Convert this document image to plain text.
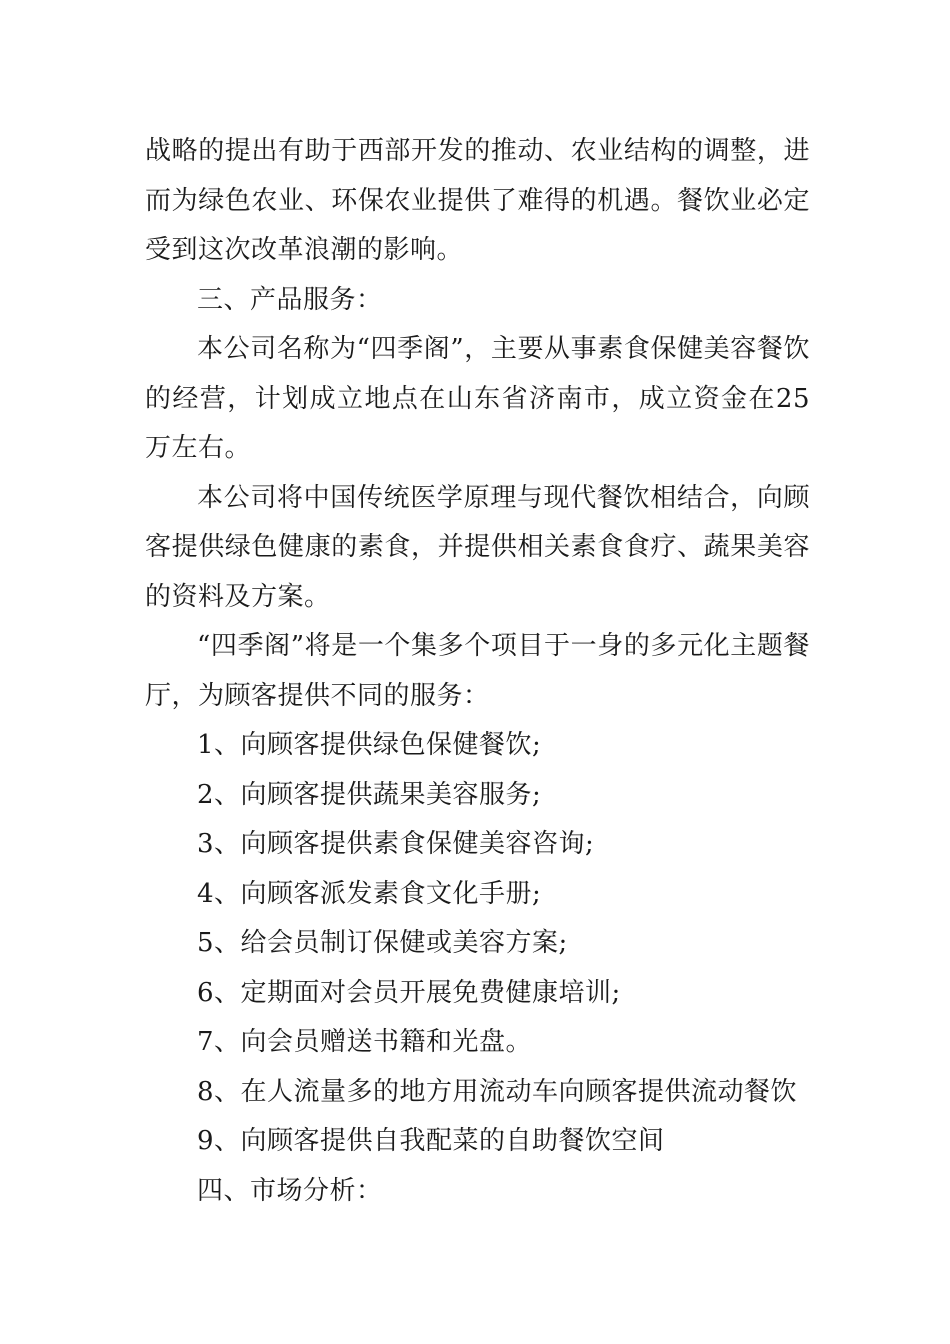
战略的提出有助于西部开发的推动、农业结构的调整，进而为绿色农业、环保农业提供了难得的机遇。餐饮业必定受到这次改革浪潮的影响。

三、产品服务：

本公司名称为“四季阁”，主要从事素食保健美容餐饮的经营，计划成立地点在山东省济南市，成立资金在25万左右。

本公司将中国传统医学原理与现代餐饮相结合，向顾客提供绿色健康的素食，并提供相关素食食疗、蔬果美容的资料及方案。

“四季阁”将是一个集多个项目于一身的多元化主题餐厅，为顾客提供不同的服务：

1、向顾客提供绿色保健餐饮;

2、向顾客提供蔬果美容服务;

3、向顾客提供素食保健美容咨询;

4、向顾客派发素食文化手册;

5、给会员制订保健或美容方案;

6、定期面对会员开展免费健康培训;

7、向会员赠送书籍和光盘。

8、在人流量多的地方用流动车向顾客提供流动餐饮

9、向顾客提供自我配菜的自助餐饮空间

四、市场分析：
